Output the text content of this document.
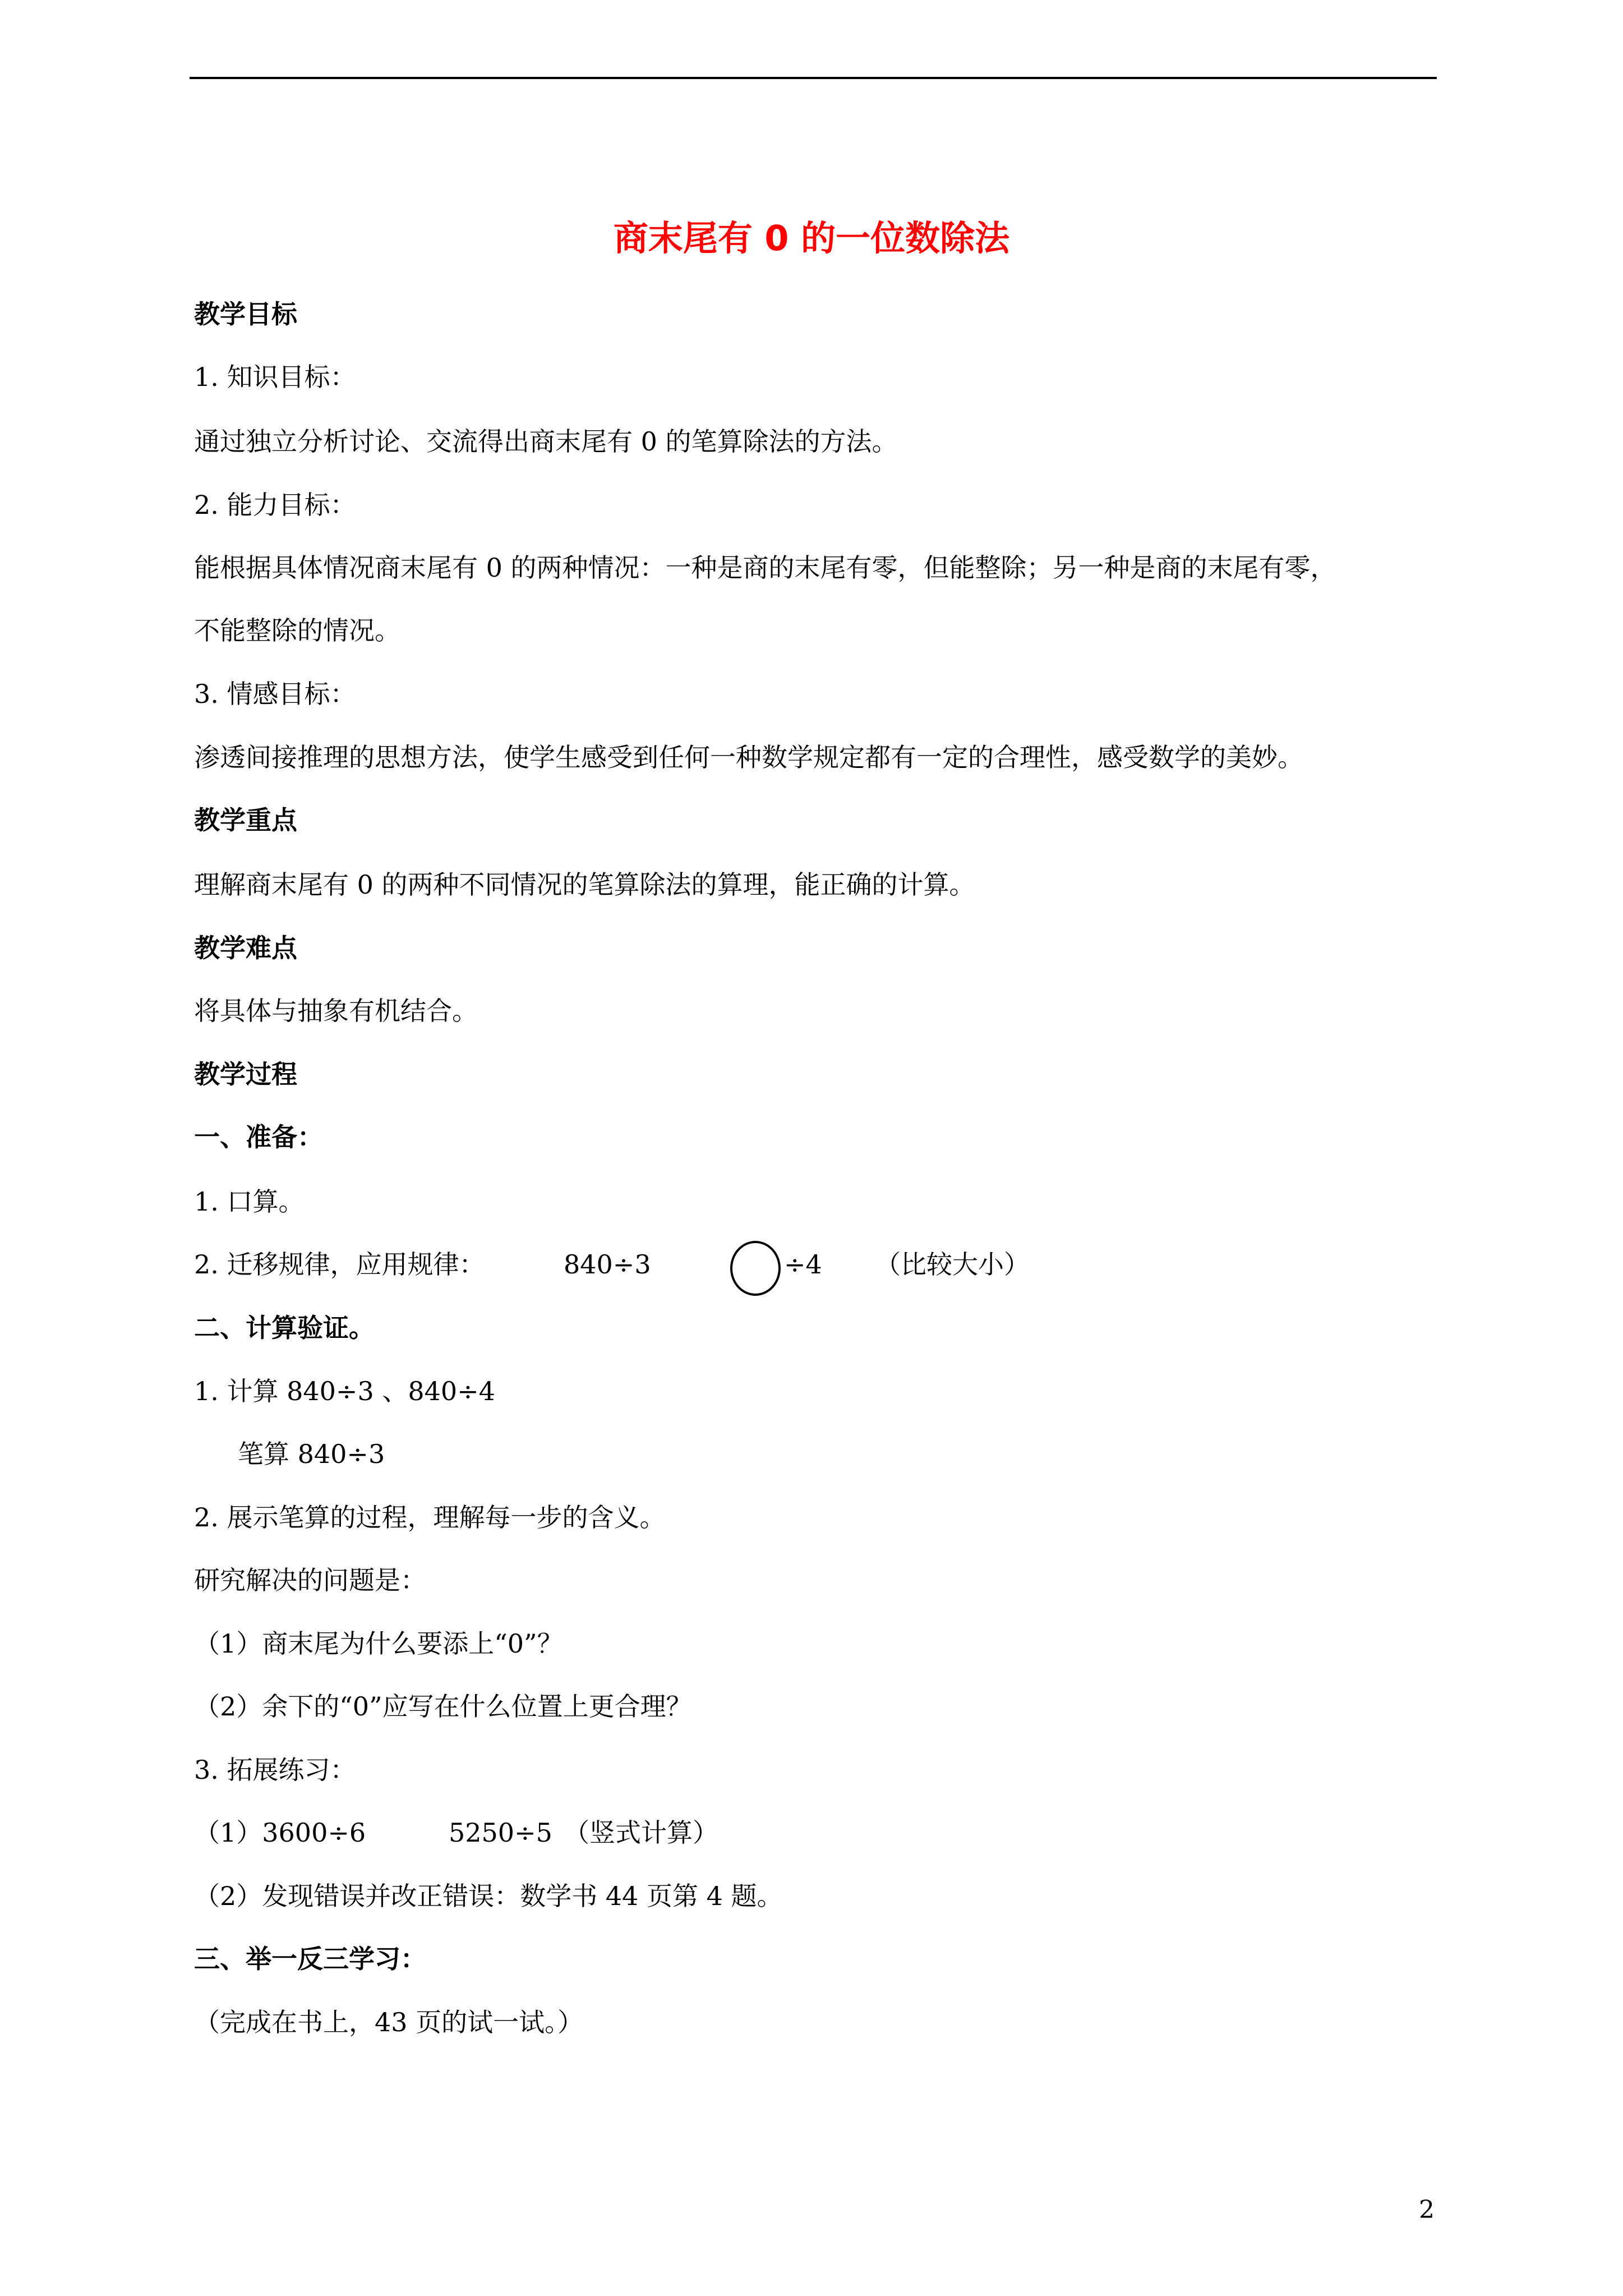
商末尾有 0 的一位数除法
教学目标
1. 知识目标：
通过独立分析讨论、交流得出商末尾有 0 的笔算除法的方法。
2. 能力目标：
能根据具体情况商末尾有 0 的两种情况：一种是商的末尾有零，但能整除；另一种是商的末尾有零，
不能整除的情况。
3. 情感目标：
渗透间接推理的思想方法，使学生感受到任何一种数学规定都有一定的合理性，感受数学的美妙。
教学重点
理解商末尾有 0 的两种不同情况的笔算除法的算理，能正确的计算。
教学难点
将具体与抽象有机结合。
教学过程
一、准备：
1. 口算。
2. 迁移规律，应用规律：	840÷3	÷4 （比较大小）
二、计算验证。
1. 计算 840÷3 、840÷4
笔算 840÷3
2. 展示笔算的过程，理解每一步的含义。
研究解决的问题是：
（1）商末尾为什么要添上“0”？
（2）余下的“0”应写在什么位置上更合理？
3. 拓展练习：
（1）3600÷6	5250÷5 （竖式计算）
（2）发现错误并改正错误：数学书 44 页第 4 题。
三、举一反三学习：
（完成在书上，43 页的试一试。）
2
